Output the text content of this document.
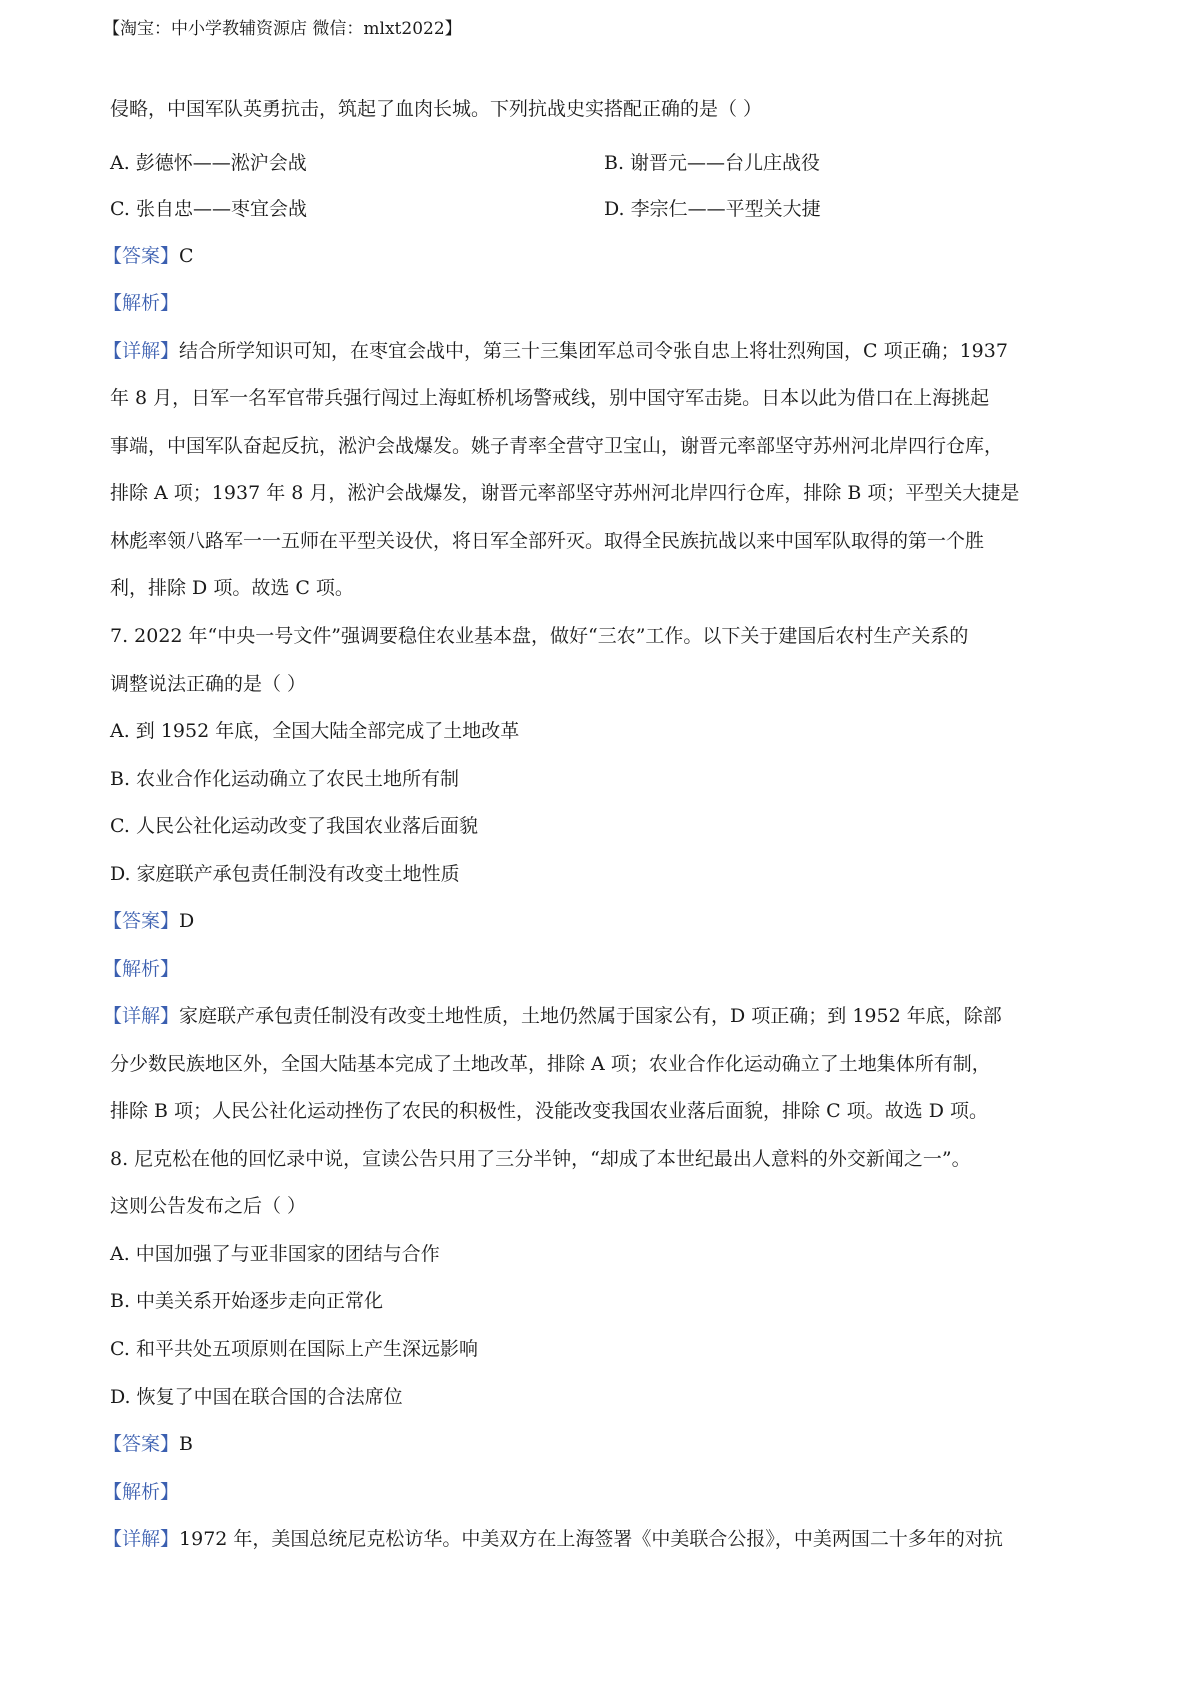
【淘宝：中小学教辅资源店 微信：mlxt2022】
侵略，中国军队英勇抗击，筑起了血肉长城。下列抗战史实搭配正确的是（ ）
A. 彭德怀——淞沪会战	B. 谢晋元——台儿庄战役
C. 张自忠——枣宜会战	D. 李宗仁——平型关大捷
【答案】C
【解析】
【详解】结合所学知识可知，在枣宜会战中，第三十三集团军总司令张自忠上将壮烈殉国，C 项正确；1937
年 8 月，日军一名军官带兵强行闯过上海虹桥机场警戒线，别中国守军击毙。日本以此为借口在上海挑起
事端，中国军队奋起反抗，淞沪会战爆发。姚子青率全营守卫宝山，谢晋元率部坚守苏州河北岸四行仓库，
排除 A 项；1937 年 8 月，淞沪会战爆发，谢晋元率部坚守苏州河北岸四行仓库，排除 B 项；平型关大捷是
林彪率领八路军一一五师在平型关设伏，将日军全部歼灭。取得全民族抗战以来中国军队取得的第一个胜
利，排除 D 项。故选 C 项。
7. 2022 年“中央一号文件”强调要稳住农业基本盘，做好“三农”工作。以下关于建国后农村生产关系的
调整说法正确的是（ ）
A. 到 1952 年底，全国大陆全部完成了土地改革
B. 农业合作化运动确立了农民土地所有制
C. 人民公社化运动改变了我国农业落后面貌
D. 家庭联产承包责任制没有改变土地性质
【答案】D
【解析】
【详解】家庭联产承包责任制没有改变土地性质，土地仍然属于国家公有，D 项正确；到 1952 年底，除部
分少数民族地区外，全国大陆基本完成了土地改革，排除 A 项；农业合作化运动确立了土地集体所有制，
排除 B 项；人民公社化运动挫伤了农民的积极性，没能改变我国农业落后面貌，排除 C 项。故选 D 项。
8. 尼克松在他的回忆录中说，宣读公告只用了三分半钟，“却成了本世纪最出人意料的外交新闻之一”。
这则公告发布之后（ ）
A. 中国加强了与亚非国家的团结与合作
B. 中美关系开始逐步走向正常化
C. 和平共处五项原则在国际上产生深远影响
D. 恢复了中国在联合国的合法席位
【答案】B
【解析】
【详解】1972 年，美国总统尼克松访华。中美双方在上海签署《中美联合公报》，中美两国二十多年的对抗
